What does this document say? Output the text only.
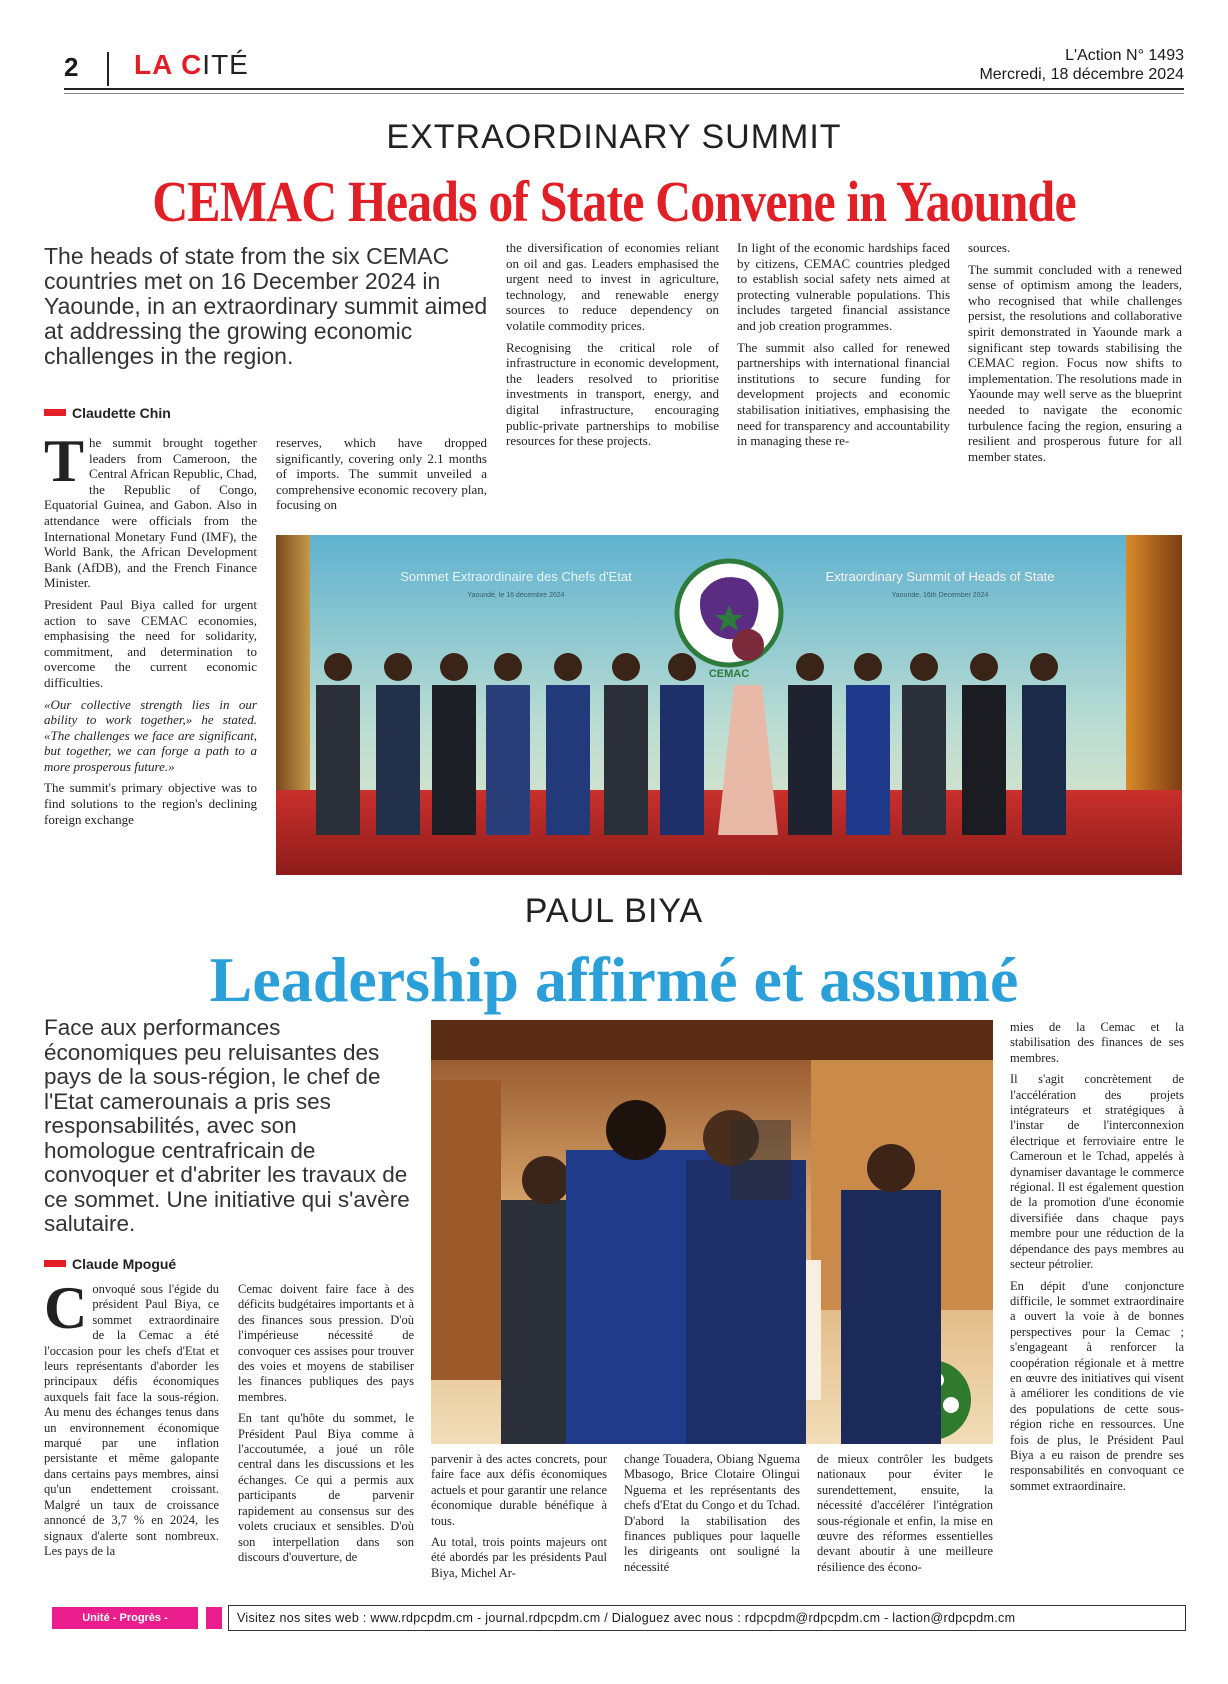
2 LA CITÉ	L'Action N° 1493
Mercredi, 18 décembre 2024
EXTRAORDINARY SUMMIT
CEMAC Heads of State Convene in Yaounde
The heads of state from the six CEMAC countries met on 16 December 2024 in Yaounde, in an extraordinary summit aimed at addressing the growing economic challenges in the region.
Claudette Chin

The summit brought together leaders from Cameroon, the Central African Republic, Chad, the Republic of Congo, Equatorial Guinea, and Gabon. Also in attendance were officials from the International Monetary Fund (IMF), the World Bank, the African Development Bank (AfDB), and the French Finance Minister.

President Paul Biya called for urgent action to save CEMAC economies, emphasising the need for solidarity, commitment, and determination to overcome the current economic difficulties.

«Our collective strength lies in our ability to work together,» he stated. «The challenges we face are significant, but together, we can forge a path to a more prosperous future.»

The summit's primary objective was to find solutions to the region's declining foreign exchange

reserves, which have dropped significantly, covering only 2.1 months of imports. The summit unveiled a comprehensive economic recovery plan, focusing on

the diversification of economies reliant on oil and gas. Leaders emphasised the urgent need to invest in agriculture, technology, and renewable energy sources to reduce dependency on volatile commodity prices.

Recognising the critical role of infrastructure in economic development, the leaders resolved to prioritise investments in transport, energy, and digital infrastructure, encouraging public-private partnerships to mobilise resources for these projects.

In light of the economic hardships faced by citizens, CEMAC countries pledged to establish social safety nets aimed at protecting vulnerable populations. This includes targeted financial assistance and job creation programmes.

The summit also called for renewed partnerships with international financial institutions to secure funding for development projects and economic stabilisation initiatives, emphasising the need for transparency and accountability in managing these re-

sources.

The summit concluded with a renewed sense of optimism among the leaders, who recognised that while challenges persist, the resolutions and collaborative spirit demonstrated in Yaounde mark a significant step towards stabilising the CEMAC region. Focus now shifts to implementation. The resolutions made in Yaounde may well serve as the blueprint needed to navigate the economic turbulence facing the region, ensuring a resilient and prosperous future for all member states.

CEMAC
Sommet Extraordinaire des Chefs d'Etat
Yaoundé, le 16 décembre 2024
Extraordinary Summit of Heads of State
Yaounde, 16th December 2024
PAUL BIYA
Leadership affirmé et assumé
Face aux performances économiques peu reluisantes des pays de la sous-région, le chef de l'Etat camerounais a pris ses responsabilités, avec son homologue centrafricain de convoquer et d'abriter les travaux de ce sommet. Une initiative qui s'avère salutaire.
Claude Mpogué

Convoqué sous l'égide du président Paul Biya, ce sommet extraordinaire de la Cemac a été l'occasion pour les chefs d'Etat et leurs représentants d'aborder les principaux défis économiques auxquels fait face la sous-région. Au menu des échanges tenus dans un environnement économique marqué par une inflation persistante et même galopante dans certains pays membres, ainsi qu'un endettement croissant. Malgré un taux de croissance annoncé de 3,7 % en 2024, les signaux d'alerte sont nombreux. Les pays de la

Cemac doivent faire face à des déficits budgétaires importants et à des finances sous pression. D'où l'impérieuse nécessité de convoquer ces assises pour trouver des voies et moyens de stabiliser les finances publiques des pays membres.

En tant qu'hôte du sommet, le Président Paul Biya comme à l'accoutumée, a joué un rôle central dans les discussions et les échanges. Ce qui a permis aux participants de parvenir rapidement au consensus sur des volets cruciaux et sensibles. D'où son interpellation dans son discours d'ouverture, de

parvenir à des actes concrets, pour faire face aux défis économiques actuels et pour garantir une relance économique durable bénéfique à tous.

Au total, trois points majeurs ont été abordés par les présidents Paul Biya, Michel Ar-

change Touadera, Obiang Nguema Mbasogo, Brice Clotaire Olingui Nguema et les représentants des chefs d'Etat du Congo et du Tchad. D'abord la stabilisation des finances publiques pour laquelle les dirigeants ont souligné la nécessité

de mieux contrôler les budgets nationaux pour éviter le surendettement, ensuite, la nécessité d'accélérer l'intégration sous-régionale et enfin, la mise en œuvre des réformes essentielles devant aboutir à une meilleure résilience des écono-

mies de la Cemac et la stabilisation des finances de ses membres.

Il s'agit concrètement de l'accélération des projets intégrateurs et stratégiques à l'instar de l'interconnexion électrique et ferroviaire entre le Cameroun et le Tchad, appelés à dynamiser davantage le commerce régional. Il est également question de la promotion d'une économie diversifiée dans chaque pays membre pour une réduction de la dépendance des pays membres au secteur pétrolier.

En dépit d'une conjoncture difficile, le sommet extraordinaire a ouvert la voie à de bonnes perspectives pour la Cemac ; s'engageant à renforcer la coopération régionale et à mettre en œuvre des initiatives qui visent à améliorer les conditions de vie des populations de cette sous-région riche en ressources. Une fois de plus, le Président Paul Biya a eu raison de prendre ses responsabilités en convoquant ce sommet extraordinaire.

Unité - Progrès - Démocratie
Visitez nos sites web : www.rdpcpdm.cm - journal.rdpcpdm.cm / Dialoguez avec nous : rdpcpdm@rdpcpdm.cm - laction@rdpcpdm.cm
